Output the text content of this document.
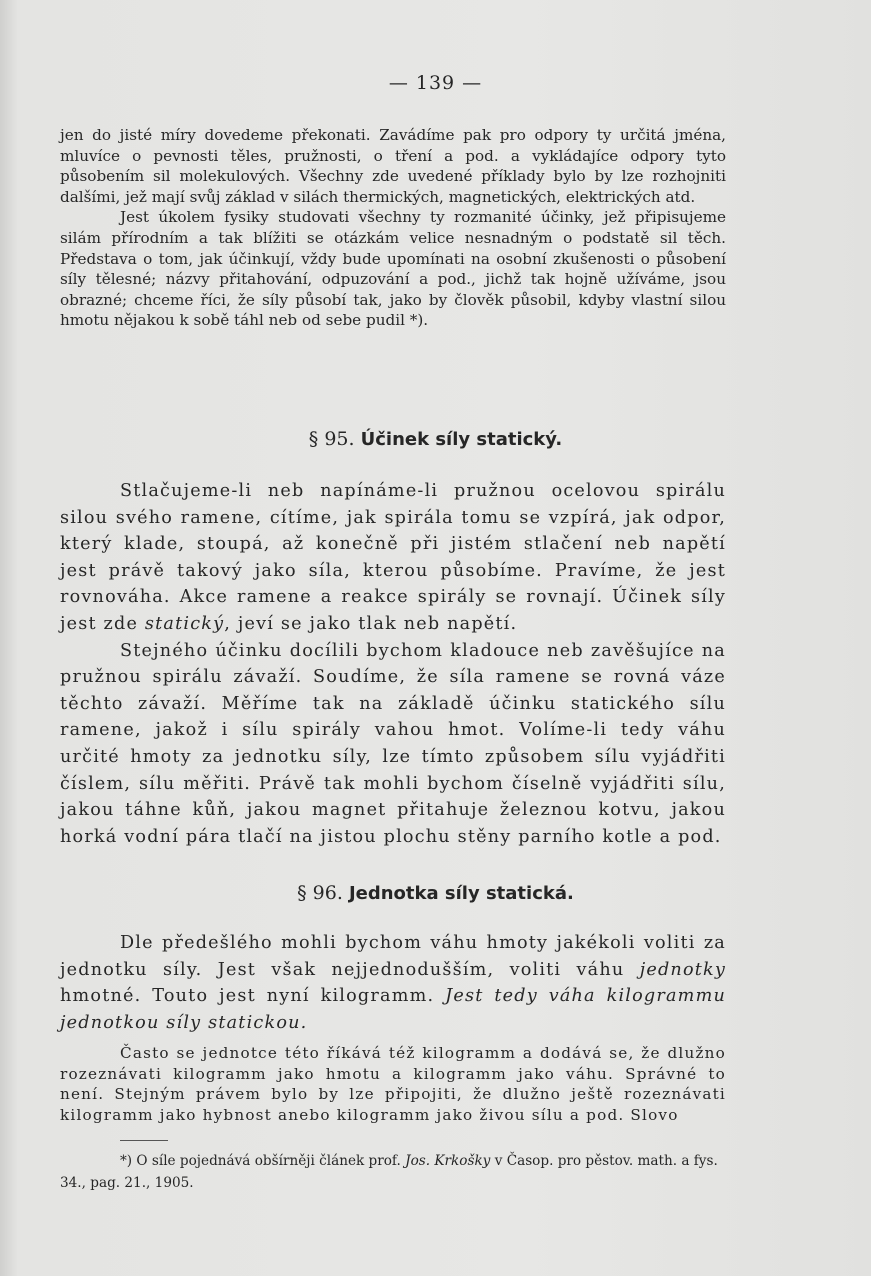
— 139 —

jen do jisté míry dovedeme překonati. Zavádíme pak pro odpory ty určitá jména, mluvíce o pevnosti těles, pružnosti, o tření a pod. a vykládajíce odpory tyto působením sil molekulových. Všechny zde uvedené příklady bylo by lze rozhojniti dalšími, jež mají svůj základ v silách thermických, magnetických, elektrických atd.

Jest úkolem fysiky studovati všechny ty rozmanité účinky, jež připisujeme silám přírodním a tak blížiti se otázkám velice nesnadným o podstatě sil těch. Představa o tom, jak účinkují, vždy bude upomínati na osobní zkušenosti o působení síly tělesné; názvy přitahování, odpuzování a pod., jichž tak hojně užíváme, jsou obrazné; chceme říci, že síly působí tak, jako by člověk působil, kdyby vlastní silou hmotu nějakou k sobě táhl neb od sebe pudil *).

§ 95. Účinek síly statický.

Stlačujeme-li neb napínáme-li pružnou ocelovou spirálu silou svého ramene, cítíme, jak spirála tomu se vzpírá, jak odpor, který klade, stoupá, až konečně při jistém stlačení neb napětí jest právě takový jako síla, kterou působíme. Pravíme, že jest rovnováha. Akce ramene a reakce spirály se rovnají. Účinek síly jest zde statický, jeví se jako tlak neb napětí.

Stejného účinku docílili bychom kladouce neb zavěšujíce na pružnou spirálu závaží. Soudíme, že síla ramene se rovná váze těchto závaží. Měříme tak na základě účinku statického sílu ramene, jakož i sílu spirály vahou hmot. Volíme-li tedy váhu určité hmoty za jednotku síly, lze tímto způsobem sílu vyjádřiti číslem, sílu měřiti. Právě tak mohli bychom číselně vyjádřiti sílu, jakou táhne kůň, jakou magnet přitahuje železnou kotvu, jakou horká vodní pára tlačí na jistou plochu stěny parního kotle a pod.

§ 96. Jednotka síly statická.

Dle předešlého mohli bychom váhu hmoty jakékoli voliti za jednotku síly. Jest však nejjednodušším, voliti váhu jednotky hmotné. Touto jest nyní kilogramm. Jest tedy váha kilogrammu jednotkou síly statickou.

Často se jednotce této říkává též kilogramm a dodává se, že dlužno rozeznávati kilogramm jako hmotu a kilogramm jako váhu. Správné to není. Stejným právem bylo by lze připojiti, že dlužno ještě rozeznávati kilogramm jako hybnost anebo kilogramm jako živou sílu a pod. Slovo

*) O síle pojednává obšírněji článek prof. Jos. Krkošky v Časop. pro pěstov. math. a fys. 34., pag. 21., 1905.
